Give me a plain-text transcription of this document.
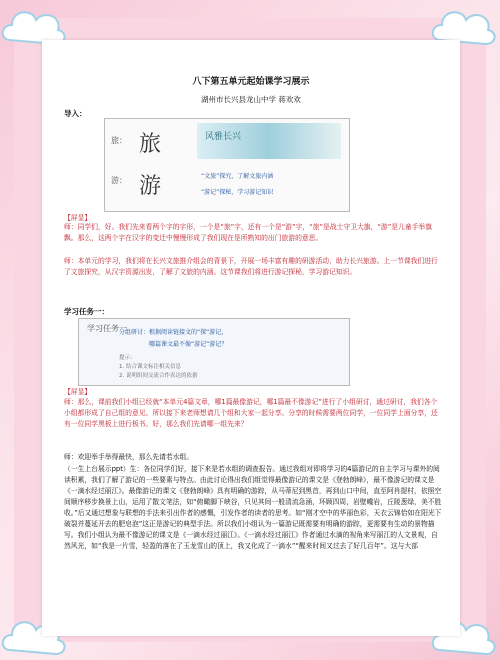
八下第五单元起始课学习展示
湖州市长兴县龙山中学 蒋欢欢
导入：
旅：
游：
旅
游
风雅长兴
“文旅”探究，了解文旅内涵
“游记”探秘，学习游记知识
【屏显】
师：同学们，好。我们先来看两个字的字形，一个是“旅”字，还有一个是“游”字，“旅”是战士守卫大旗，“游”是儿童手举旗飘。那么，这两个字在汉字的变迁中慢慢形成了我们现在是所熟知的出门旅游的意思。
师：本单元的学习，我们将在长兴文旅推介组会的背景下，开展一场丰富有趣的研游活动，助力长兴旅游。上一节课我们进行了文旅探究，从汉字资源出发，了解了文旅的内涵。这节课我们将进行游记探秘，学习游记知识。
学习任务一：
学习任务一
分组研讨：根据阅读链接文的“探”游记，
哪篇课文最不像“游记”游记？
提示：
1. 结合课文标注相关信息
2. 说明组间交流合作表达的依据
【屏显】
师：那么，课前我们小组已经就“本单元4篇文章，哪1篇最像游记，哪1篇最不像游记”进行了小组研讨，通过研讨，我们各个小组都形成了自己组的意见。所以接下来老师想请几个组和大家一起分享。分享的时候需要两位同学，一位同学上面分享，还有一位同学黑板上进行板书。好，那么我们先请哪一组先来？
师：欢迎举手举得最快，那么先请若水组。
（一生上台展示ppt）生：各位同学们好，接下来是若水组的调查报告。通过我组对即将学习的4篇游记的自主学习与课外的阅读积累，我们了解了游记的一些要素与特点。由此讨论得出我们组觉得最像游记的课文是《登勃朗峰》，最不像游记的课文是《一滴水经过丽江》。最像游记的课文《登勃朗峰》具有明确的游踪，从马蒂尼到黑首，再到山口中间，直至阿肖提村，依照空间顺序移步换景上山，运用了散文笔法，如“俯瞰脚下峡谷，只见其间一般清流急涌，环顾四周，岩壁巉岩，丘陵葱绿，美不胜收。”后又通过想象与联想的手法来引出作者的感慨，引发作者的读者的思考。如“刚才空中的华丽色彩，天衣云锦恰如在阳光下破裂并蔓延开去的肥皂泡”这正是游记的典型手法。所以我们小组认为一篇游记既需要有明确的游踪，更需要有生动的景物描写。我们小组认为最不像游记的课文是《一滴水经过丽江》。《一滴水经过丽江》作者通过水滴的视角来写丽江的人文景观，自然风光，如“我是一片雪，轻盈的落在了玉龙雪山的顶上，我又化成了一滴水”“醒来时间又过去了好几百年”。这与大部
